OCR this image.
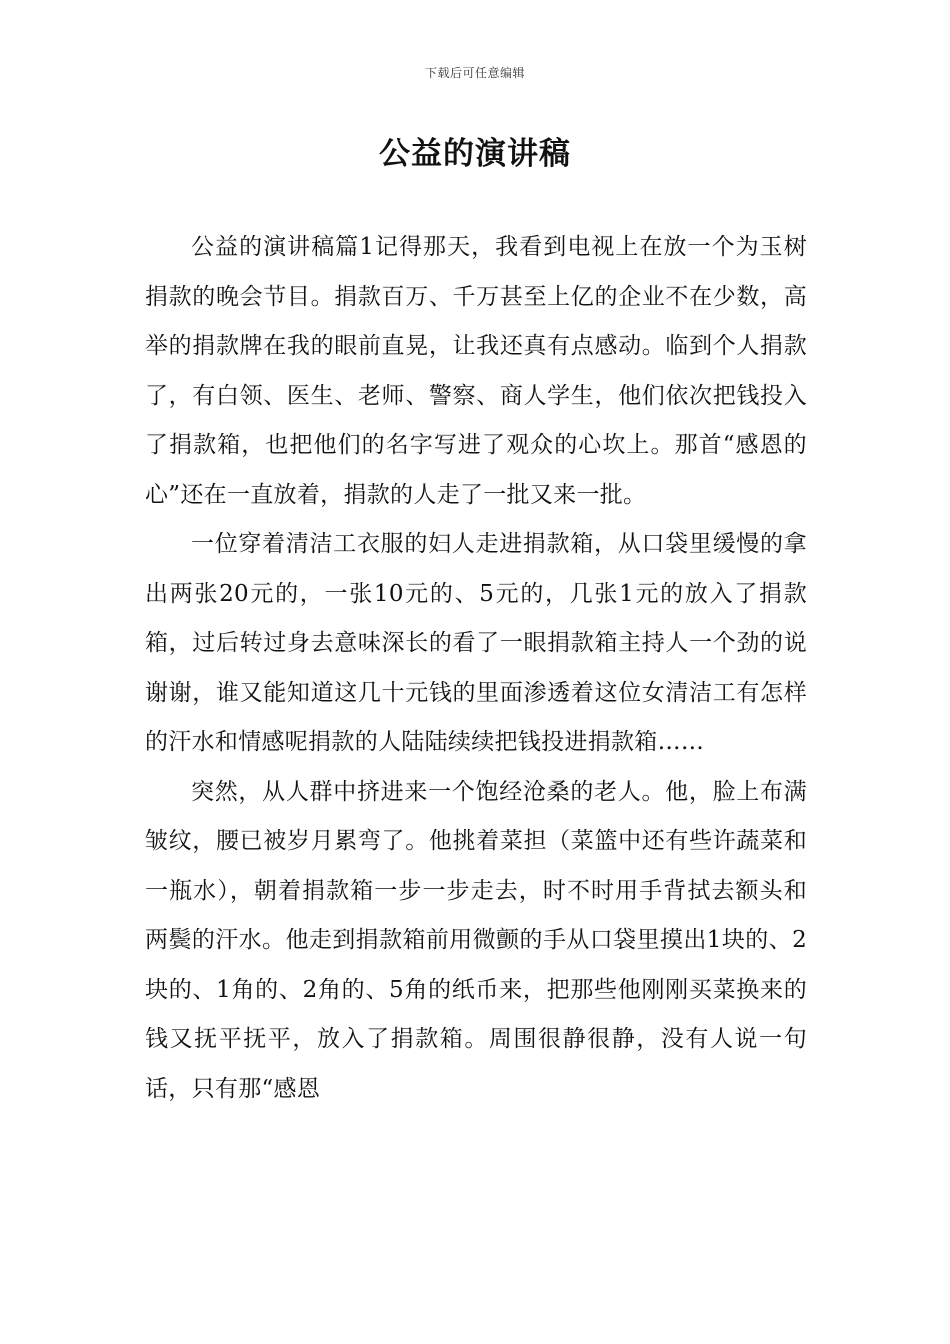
下载后可任意编辑
公益的演讲稿

公益的演讲稿篇1记得那天，我看到电视上在放一个为玉树捐款的晚会节目。捐款百万、千万甚至上亿的企业不在少数，高举的捐款牌在我的眼前直晃，让我还真有点感动。临到个人捐款了，有白领、医生、老师、警察、商人学生，他们依次把钱投入了捐款箱，也把他们的名字写进了观众的心坎上。那首“感恩的心”还在一直放着，捐款的人走了一批又来一批。

一位穿着清洁工衣服的妇人走进捐款箱，从口袋里缓慢的拿出两张20元的，一张10元的、5元的，几张1元的放入了捐款箱，过后转过身去意味深长的看了一眼捐款箱主持人一个劲的说谢谢，谁又能知道这几十元钱的里面渗透着这位女清洁工有怎样的汗水和情感呢捐款的人陆陆续续把钱投进捐款箱……

突然，从人群中挤进来一个饱经沧桑的老人。他，脸上布满皱纹，腰已被岁月累弯了。他挑着菜担（菜篮中还有些许蔬菜和一瓶水），朝着捐款箱一步一步走去，时不时用手背拭去额头和两鬓的汗水。他走到捐款箱前用微颤的手从口袋里摸出1块的、2块的、1角的、2角的、5角的纸币来，把那些他刚刚买菜换来的钱又抚平抚平，放入了捐款箱。周围很静很静，没有人说一句话，只有那“感恩
